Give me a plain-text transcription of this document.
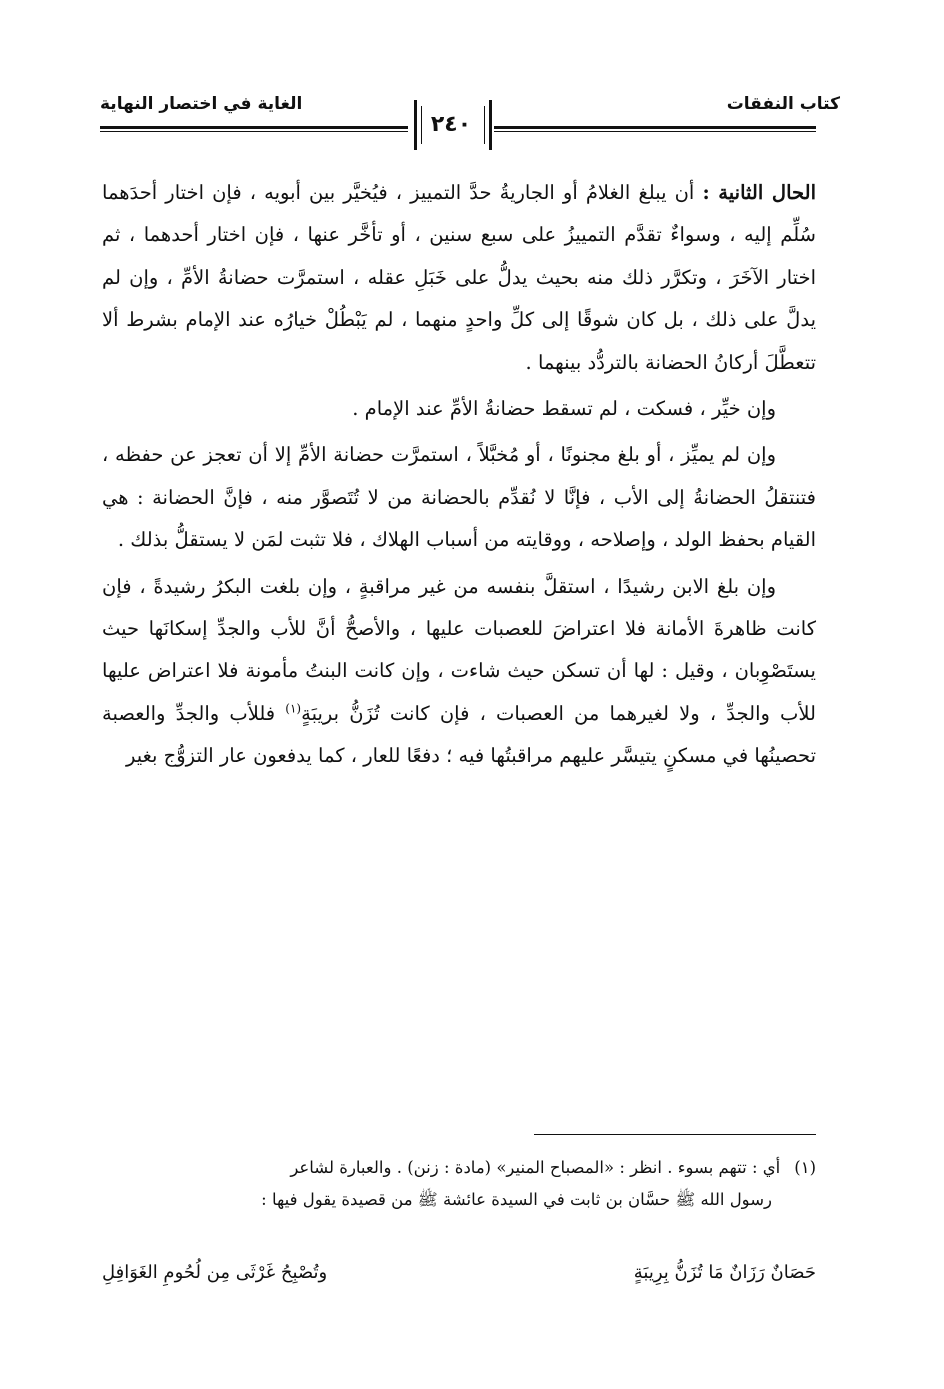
كتاب النفقات
الغاية في اختصار النهاية
٢٤٠

الحال الثانية : أن يبلغ الغلامُ أو الجاريةُ حدَّ التمييز ، فيُخيَّر بين أبويه ، فإن اختار أحدَهما سُلِّم إليه ، وسواءٌ تقدَّم التمييزُ على سبع سنين ، أو تأخَّر عنها ، فإن اختار أحدهما ، ثم اختار الآخَرَ ، وتكرَّر ذلك منه بحيث يدلُّ على خَبَلِ عقله ، استمرَّت حضانةُ الأمِّ ، وإن لم يدلَّ على ذلك ، بل كان شوقًا إلى كلِّ واحدٍ منهما ، لم يَبْطُلْ خيارُه عند الإمام بشرط ألا تتعطَّلَ أركانُ الحضانة بالتردُّد بينهما .

وإن خيِّر ، فسكت ، لم تسقط حضانةُ الأمِّ عند الإمام .

وإن لم يميِّز ، أو بلغ مجنونًا ، أو مُخبَّلاً ، استمرَّت حضانة الأمِّ إلا أن تعجز عن حفظه ، فتنتقلُ الحضانةُ إلى الأب ، فإنَّا لا نُقدِّم بالحضانة من لا تُتَصوَّر منه ، فإنَّ الحضانة : هي القيام بحفظ الولد ، وإصلاحه ، ووقايته من أسباب الهلاك ، فلا تثبت لمَن لا يستقلُّ بذلك .

وإن بلغ الابن رشيدًا ، استقلَّ بنفسه من غير مراقبةٍ ، وإن بلغت البكرُ رشيدةً ، فإن كانت ظاهرةَ الأمانة فلا اعتراضَ للعصبات عليها ، والأصحُّ أنَّ للأب والجدِّ إسكانَها حيث يستَصْوِبان ، وقيل : لها أن تسكن حيث شاءت ، وإن كانت البنتُ مأمونة فلا اعتراض عليها للأب والجدِّ ، ولا لغيرهما من العصبات ، فإن كانت تُزَنُّ بريبَةٍ$^{(١)}$ فللأب والجدِّ والعصبة تحصينُها في مسكنٍ يتيسَّر عليهم مراقبتُها فيه ؛ دفعًا للعار ، كما يدفعون عار التزوُّج بغير

(١)أي : تتهم بسوء . انظر : «المصباح المنير» (مادة : زنن) . والعبارة لشاعر

رسول الله ﷺ حسَّان بن ثابت في السيدة عائشة ﷺ من قصيدة يقول فيها :

حَصَانٌ رَزَانٌ مَا تُزَنُّ بِرِيبَةٍ
وتُصْبِحُ غَرْثَى مِن لُحُومِ الغَوَافِلِ
